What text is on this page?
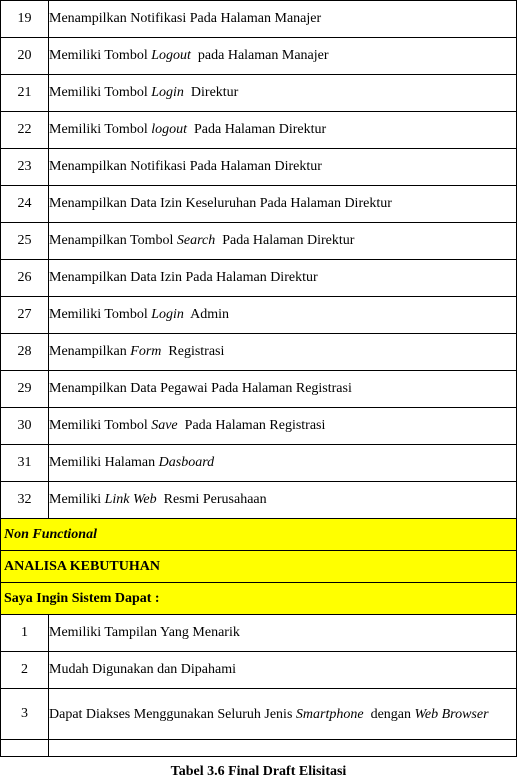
19	Menampilkan Notifikasi Pada Halaman Manajer
20	Memiliki Tombol Logout  pada Halaman Manajer
21	Memiliki Tombol Login  Direktur
22	Memiliki Tombol logout  Pada Halaman Direktur
23	Menampilkan Notifikasi Pada Halaman Direktur
24	Menampilkan Data Izin Keseluruhan Pada Halaman Direktur
25	Menampilkan Tombol Search  Pada Halaman Direktur
26	Menampilkan Data Izin Pada Halaman Direktur
27	Memiliki Tombol Login  Admin
28	Menampilkan Form  Registrasi
29	Menampilkan Data Pegawai Pada Halaman Registrasi
30	Memiliki Tombol Save  Pada Halaman Registrasi
31	Memiliki Halaman Dasboard
32	Memiliki Link Web  Resmi Perusahaan
Non Functional	
ANALISA KEBUTUHAN	
Saya Ingin Sistem Dapat :	
1	Memiliki Tampilan Yang Menarik
2	Mudah Digunakan dan Dipahami
3	Dapat Diakses Menggunakan Seluruh Jenis Smartphone  dengan Web Browser

Tabel 3.6 Final Draft Elisitasi
